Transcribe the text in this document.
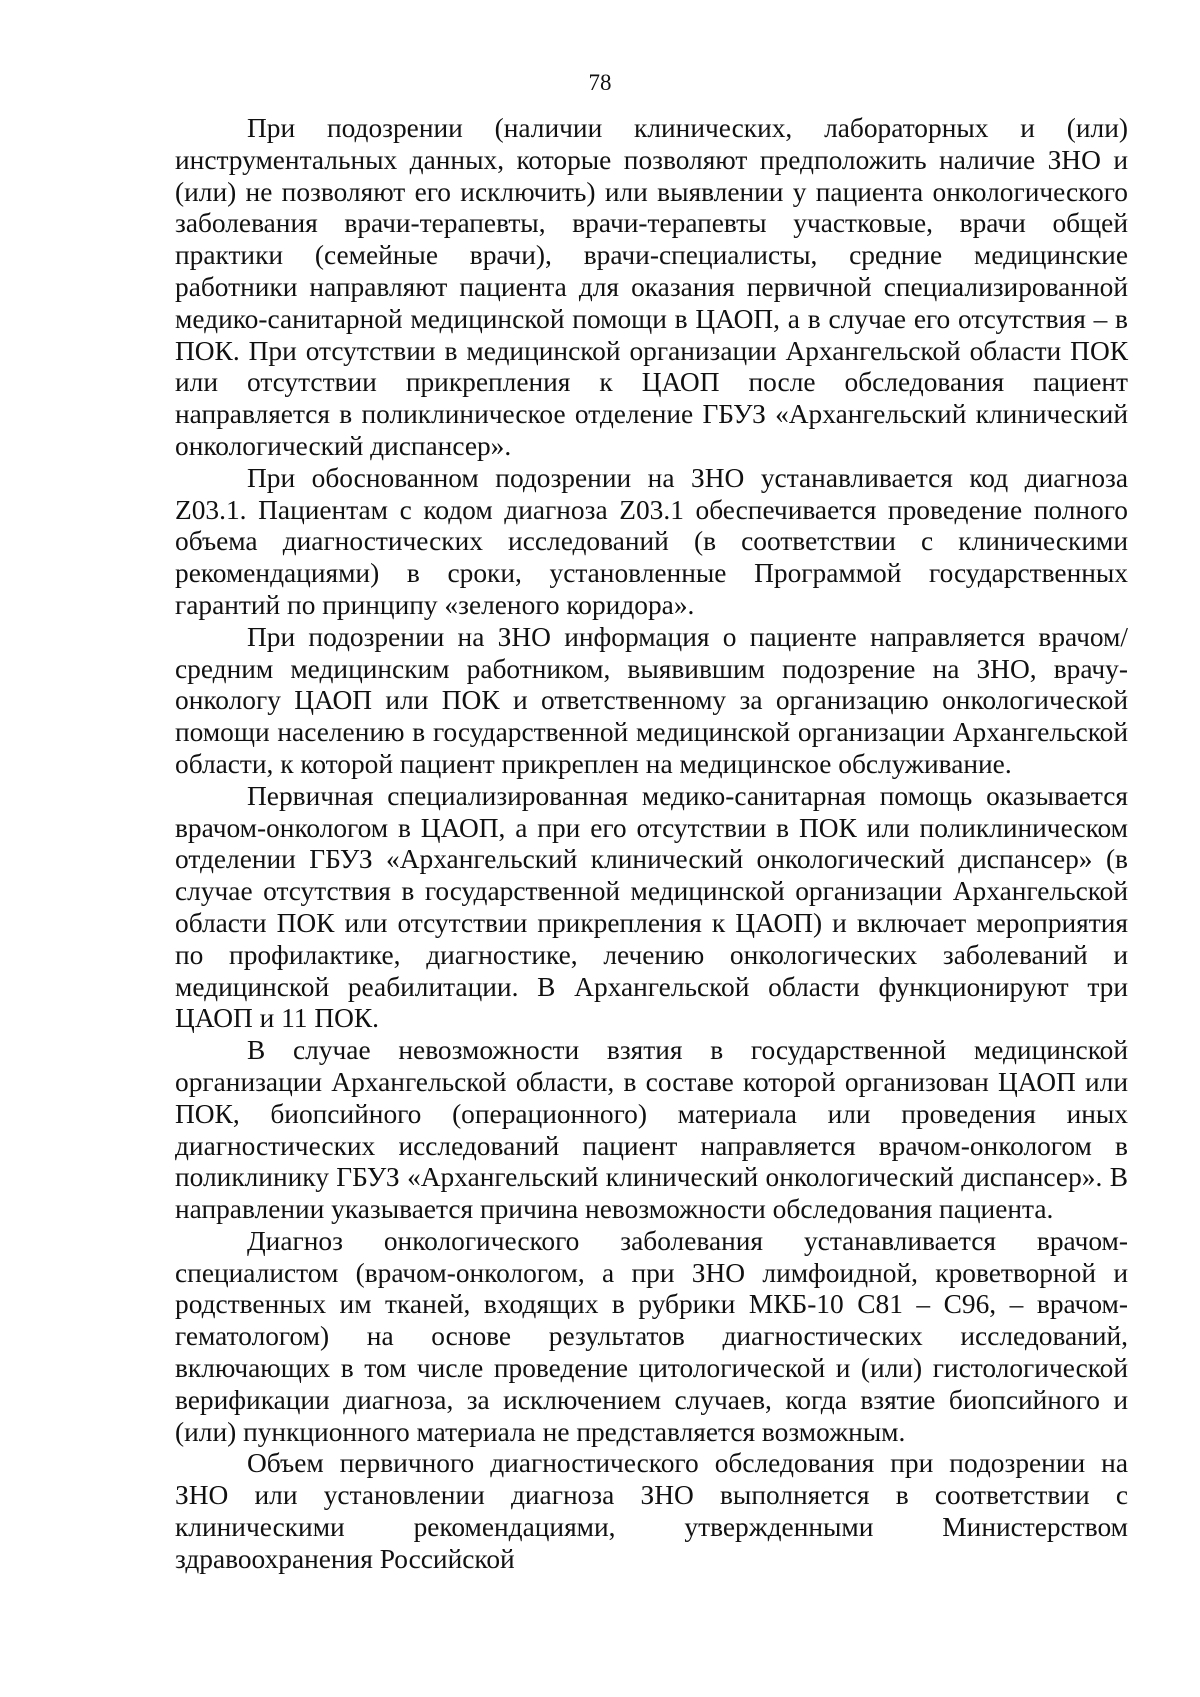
78

При подозрении (наличии клинических, лабораторных и (или) инструментальных данных, которые позволяют предположить наличие ЗНО и (или) не позволяют его исключить) или выявлении у пациента онкологического заболевания врачи-терапевты, врачи-терапевты участковые, врачи общей практики (семейные врачи), врачи-специалисты, средние медицинские работники направляют пациента для оказания первичной специализированной медико-санитарной медицинской помощи в ЦАОП, а в случае его отсутствия – в ПОК. При отсутствии в медицинской организации Архангельской области ПОК или отсутствии прикрепления к ЦАОП после обследования пациент направляется в поликлиническое отделение ГБУЗ «Архангельский клинический онкологический диспансер».

При обоснованном подозрении на ЗНО устанавливается код диагноза Z03.1. Пациентам с кодом диагноза Z03.1 обеспечивается проведение полного объема диагностических исследований (в соответствии с клиническими рекомендациями) в сроки, установленные Программой государственных гарантий по принципу «зеленого коридора».

При подозрении на ЗНО информация о пациенте направляется врачом/ средним медицинским работником, выявившим подозрение на ЗНО, врачу-онкологу ЦАОП или ПОК и ответственному за организацию онкологической помощи населению в государственной медицинской организации Архангельской области, к которой пациент прикреплен на медицинское обслуживание.

Первичная специализированная медико-санитарная помощь оказывается врачом-онкологом в ЦАОП, а при его отсутствии в ПОК или поликлиническом отделении ГБУЗ «Архангельский клинический онкологический диспансер» (в случае отсутствия в государственной медицинской организации Архангельской области ПОК или отсутствии прикрепления к ЦАОП) и включает мероприятия по профилактике, диагностике, лечению онкологических заболеваний и медицинской реабилитации. В Архангельской области функционируют три ЦАОП и 11 ПОК.

В случае невозможности взятия в государственной медицинской организации Архангельской области, в составе которой организован ЦАОП или ПОК, биопсийного (операционного) материала или проведения иных диагностических исследований пациент направляется врачом-онкологом в поликлинику ГБУЗ «Архангельский клинический онкологический диспансер». В направлении указывается причина невозможности обследования пациента.

Диагноз онкологического заболевания устанавливается врачом-специалистом (врачом-онкологом, а при ЗНО лимфоидной, кроветворной и родственных им тканей, входящих в рубрики МКБ-10 С81 – С96, – врачом-гематологом) на основе результатов диагностических исследований, включающих в том числе проведение цитологической и (или) гистологической верификации диагноза, за исключением случаев, когда взятие биопсийного и (или) пункционного материала не представляется возможным.

Объем первичного диагностического обследования при подозрении на ЗНО или установлении диагноза ЗНО выполняется в соответствии с клиническими рекомендациями, утвержденными Министерством здравоохранения Российской
